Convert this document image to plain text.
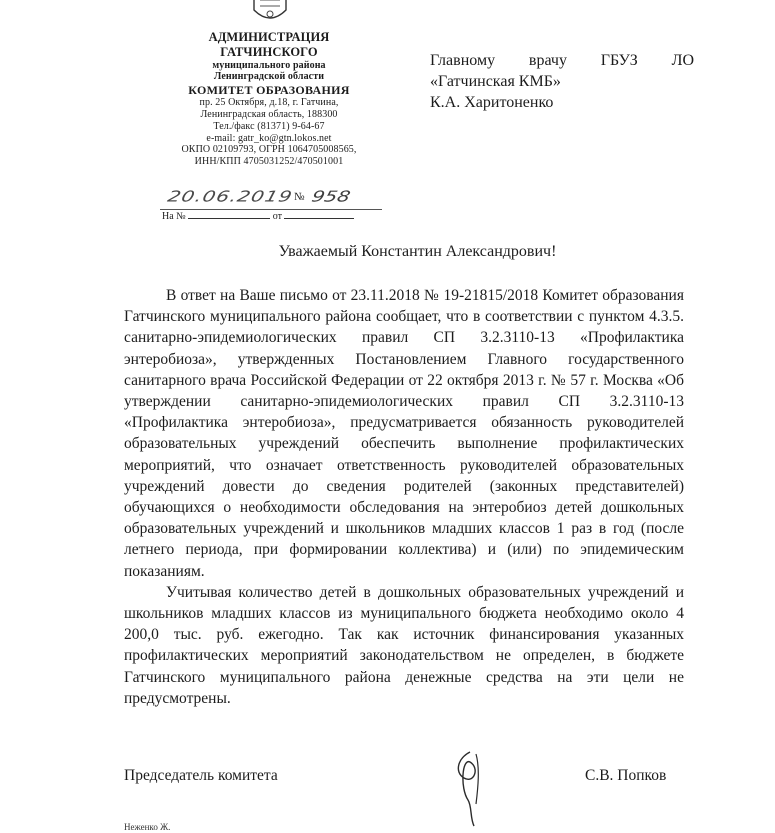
АДМИНИСТРАЦИЯ
ГАТЧИНСКОГО
муниципального района
Ленинградской области
КОМИТЕТ ОБРАЗОВАНИЯ
пр. 25 Октября, д.18, г. Гатчина,
Ленинградская область, 188300
Тел./факс (81371) 9-64-67
e-mail: gatr_ko@gtn.lokos.net
ОКПО 02109793, ОГРН 1064705008565,
ИНН/КПП 4705031252/470501001
20.06.2019 № 958
На №	от
Главному врачу ГБУЗ ЛО
«Гатчинская КМБ»
К.А. Харитоненко
Уважаемый Константин Александрович!

В ответ на Ваше письмо от 23.11.2018 № 19-21815/2018 Комитет образования Гатчинского муниципального района сообщает, что в соответствии с пунктом 4.3.5. санитарно-эпидемиологических правил СП 3.2.3110-13 «Профилактика энтеробиоза», утвержденных Постановлением Главного государственного санитарного врача Российской Федерации от 22 октября 2013 г. № 57 г. Москва «Об утверждении санитарно-эпидемиологических правил СП 3.2.3110-13 «Профилактика энтеробиоза», предусматривается обязанность руководителей образовательных учреждений обеспечить выполнение профилактических мероприятий, что означает ответственность руководителей образовательных учреждений довести до сведения родителей (законных представителей) обучающихся о необходимости обследования на энтеробиоз детей дошкольных образовательных учреждений и школьников младших классов 1 раз в год (после летнего периода, при формировании коллектива) и (или) по эпидемическим показаниям.

Учитывая количество детей в дошкольных образовательных учреждений и школьников младших классов из муниципального бюджета необходимо около 4 200,0 тыс. руб. ежегодно. Так как источник финансирования указанных профилактических мероприятий законодательством не определен, в бюджете Гатчинского муниципального района денежные средства на эти цели не предусмотрены.

Председатель комитета	С.В. Попков
Неженко Ж.
